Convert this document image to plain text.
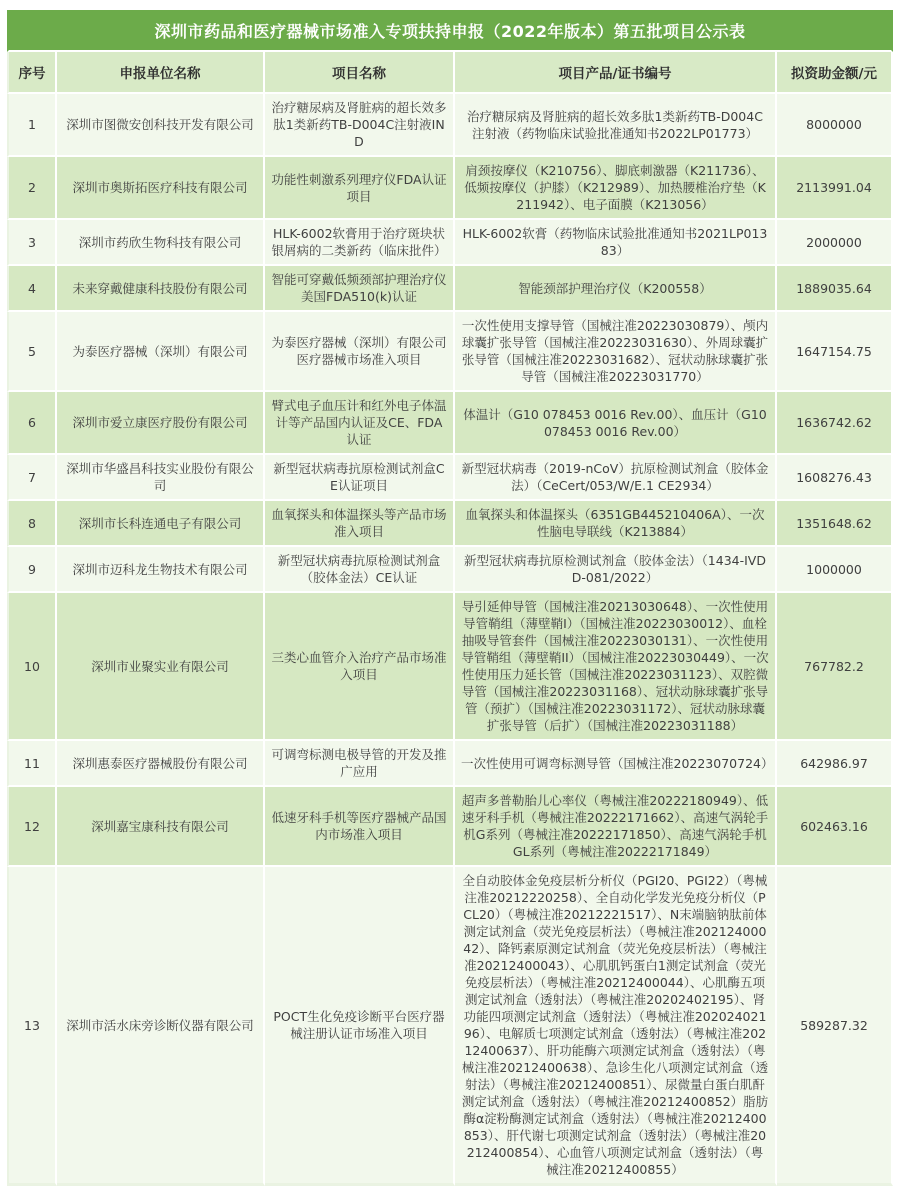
深圳市药品和医疗器械市场准入专项扶持申报（2022年版本）第五批项目公示表				
序号	申报单位名称	项目名称	项目产品/证书编号	拟资助金额/元
1	深圳市图微安创科技开发有限公司	治疗糖尿病及肾脏病的超长效多肽1类新药TB-D004C注射液IND	治疗糖尿病及肾脏病的超长效多肽1类新药TB-D004C注射液（药物临床试验批准通知书2022LP01773）	8000000
2	深圳市奥斯拓医疗科技有限公司	功能性刺激系列理疗仪FDA认证项目	肩颈按摩仪（K210756）、脚底刺激器（K211736）、低频按摩仪（护膝）（K212989）、加热腰椎治疗垫（K211942）、电子面膜（K213056）	2113991.04
3	深圳市药欣生物科技有限公司	HLK-6002软膏用于治疗斑块状银屑病的二类新药（临床批件）	HLK-6002软膏（药物临床试验批准通知书2021LP01383）	2000000
4	未来穿戴健康科技股份有限公司	智能可穿戴低频颈部护理治疗仪美国FDA510(k)认证	智能颈部护理治疗仪（K200558）	1889035.64
5	为泰医疗器械（深圳）有限公司	为泰医疗器械（深圳）有限公司医疗器械市场准入项目	一次性使用支撑导管（国械注准20223030879）、颅内球囊扩张导管（国械注准20223031630）、外周球囊扩张导管（国械注准20223031682）、冠状动脉球囊扩张导管（国械注准20223031770）	1647154.75
6	深圳市爱立康医疗股份有限公司	臂式电子血压计和红外电子体温计等产品国内认证及CE、FDA认证	体温计（G10 078453 0016 Rev.00）、血压计（G10 078453 0016 Rev.00）	1636742.62
7	深圳市华盛昌科技实业股份有限公司	新型冠状病毒抗原检测试剂盒CE认证项目	新型冠状病毒（2019-nCoV）抗原检测试剂盒（胶体金法）（CeCert/053/W/E.1 CE2934）	1608276.43
8	深圳市长科连通电子有限公司	血氧探头和体温探头等产品市场准入项目	血氧探头和体温探头（6351GB445210406A）、一次性脑电导联线（K213884）	1351648.62
9	深圳市迈科龙生物技术有限公司	新型冠状病毒抗原检测试剂盒（胶体金法）CE认证	新型冠状病毒抗原检测试剂盒（胶体金法）（1434-IVDD-081/2022）	1000000
10	深圳市业聚实业有限公司	三类心血管介入治疗产品市场准入项目	导引延伸导管（国械注准20213030648）、一次性使用导管鞘组（薄壁鞘I）（国械注准20223030012）、血栓抽吸导管套件（国械注准20223030131）、一次性使用导管鞘组（薄壁鞘II）（国械注准20223030449）、一次性使用压力延长管（国械注准20223031123）、双腔微导管（国械注准20223031168）、冠状动脉球囊扩张导管（预扩）（国械注准20223031172）、冠状动脉球囊扩张导管（后扩）（国械注准20223031188）	767782.2
11	深圳惠泰医疗器械股份有限公司	可调弯标测电极导管的开发及推广应用	一次性使用可调弯标测导管（国械注准20223070724）	642986.97
12	深圳嘉宝康科技有限公司	低速牙科手机等医疗器械产品国内市场准入项目	超声多普勒胎儿心率仪（粤械注准20222180949）、低速牙科手机（粤械注准20222171662）、高速气涡轮手机G系列（粤械注准20222171850）、高速气涡轮手机GL系列（粤械注准20222171849）	602463.16
13	深圳市活水床旁诊断仪器有限公司	POCT生化免疫诊断平台医疗器械注册认证市场准入项目	全自动胶体金免疫层析分析仪（PGI20、PGI22）（粤械注准20212220258）、全自动化学发光免疫分析仪（PCL20）（粤械注准20212221517）、N末端脑钠肽前体测定试剂盒（荧光免疫层析法）（粤械注准20212400042）、降钙素原测定试剂盒（荧光免疫层析法）（粤械注准20212400043）、心肌肌钙蛋白1测定试剂盒（荧光免疫层析法）（粤械注准20212400044）、心肌酶五项测定试剂盒（透射法）（粤械注准20202402195）、肾功能四项测定试剂盒（透射法）（粤械注准20202402196）、电解质七项测定试剂盒（透射法）（粤械注准20212400637）、肝功能酶六项测定试剂盒（透射法）（粤械注准20212400638）、急诊生化八项测定试剂盒（透射法）（粤械注准20212400851）、尿微量白蛋白肌酐测定试剂盒（透射法）（粤械注准20212400852）脂肪酶α淀粉酶测定试剂盒（透射法）（粤械注准20212400853）、肝代谢七项测定试剂盒（透射法）（粤械注准20212400854）、心血管八项测定试剂盒（透射法）（粤械注准20212400855）	589287.32
